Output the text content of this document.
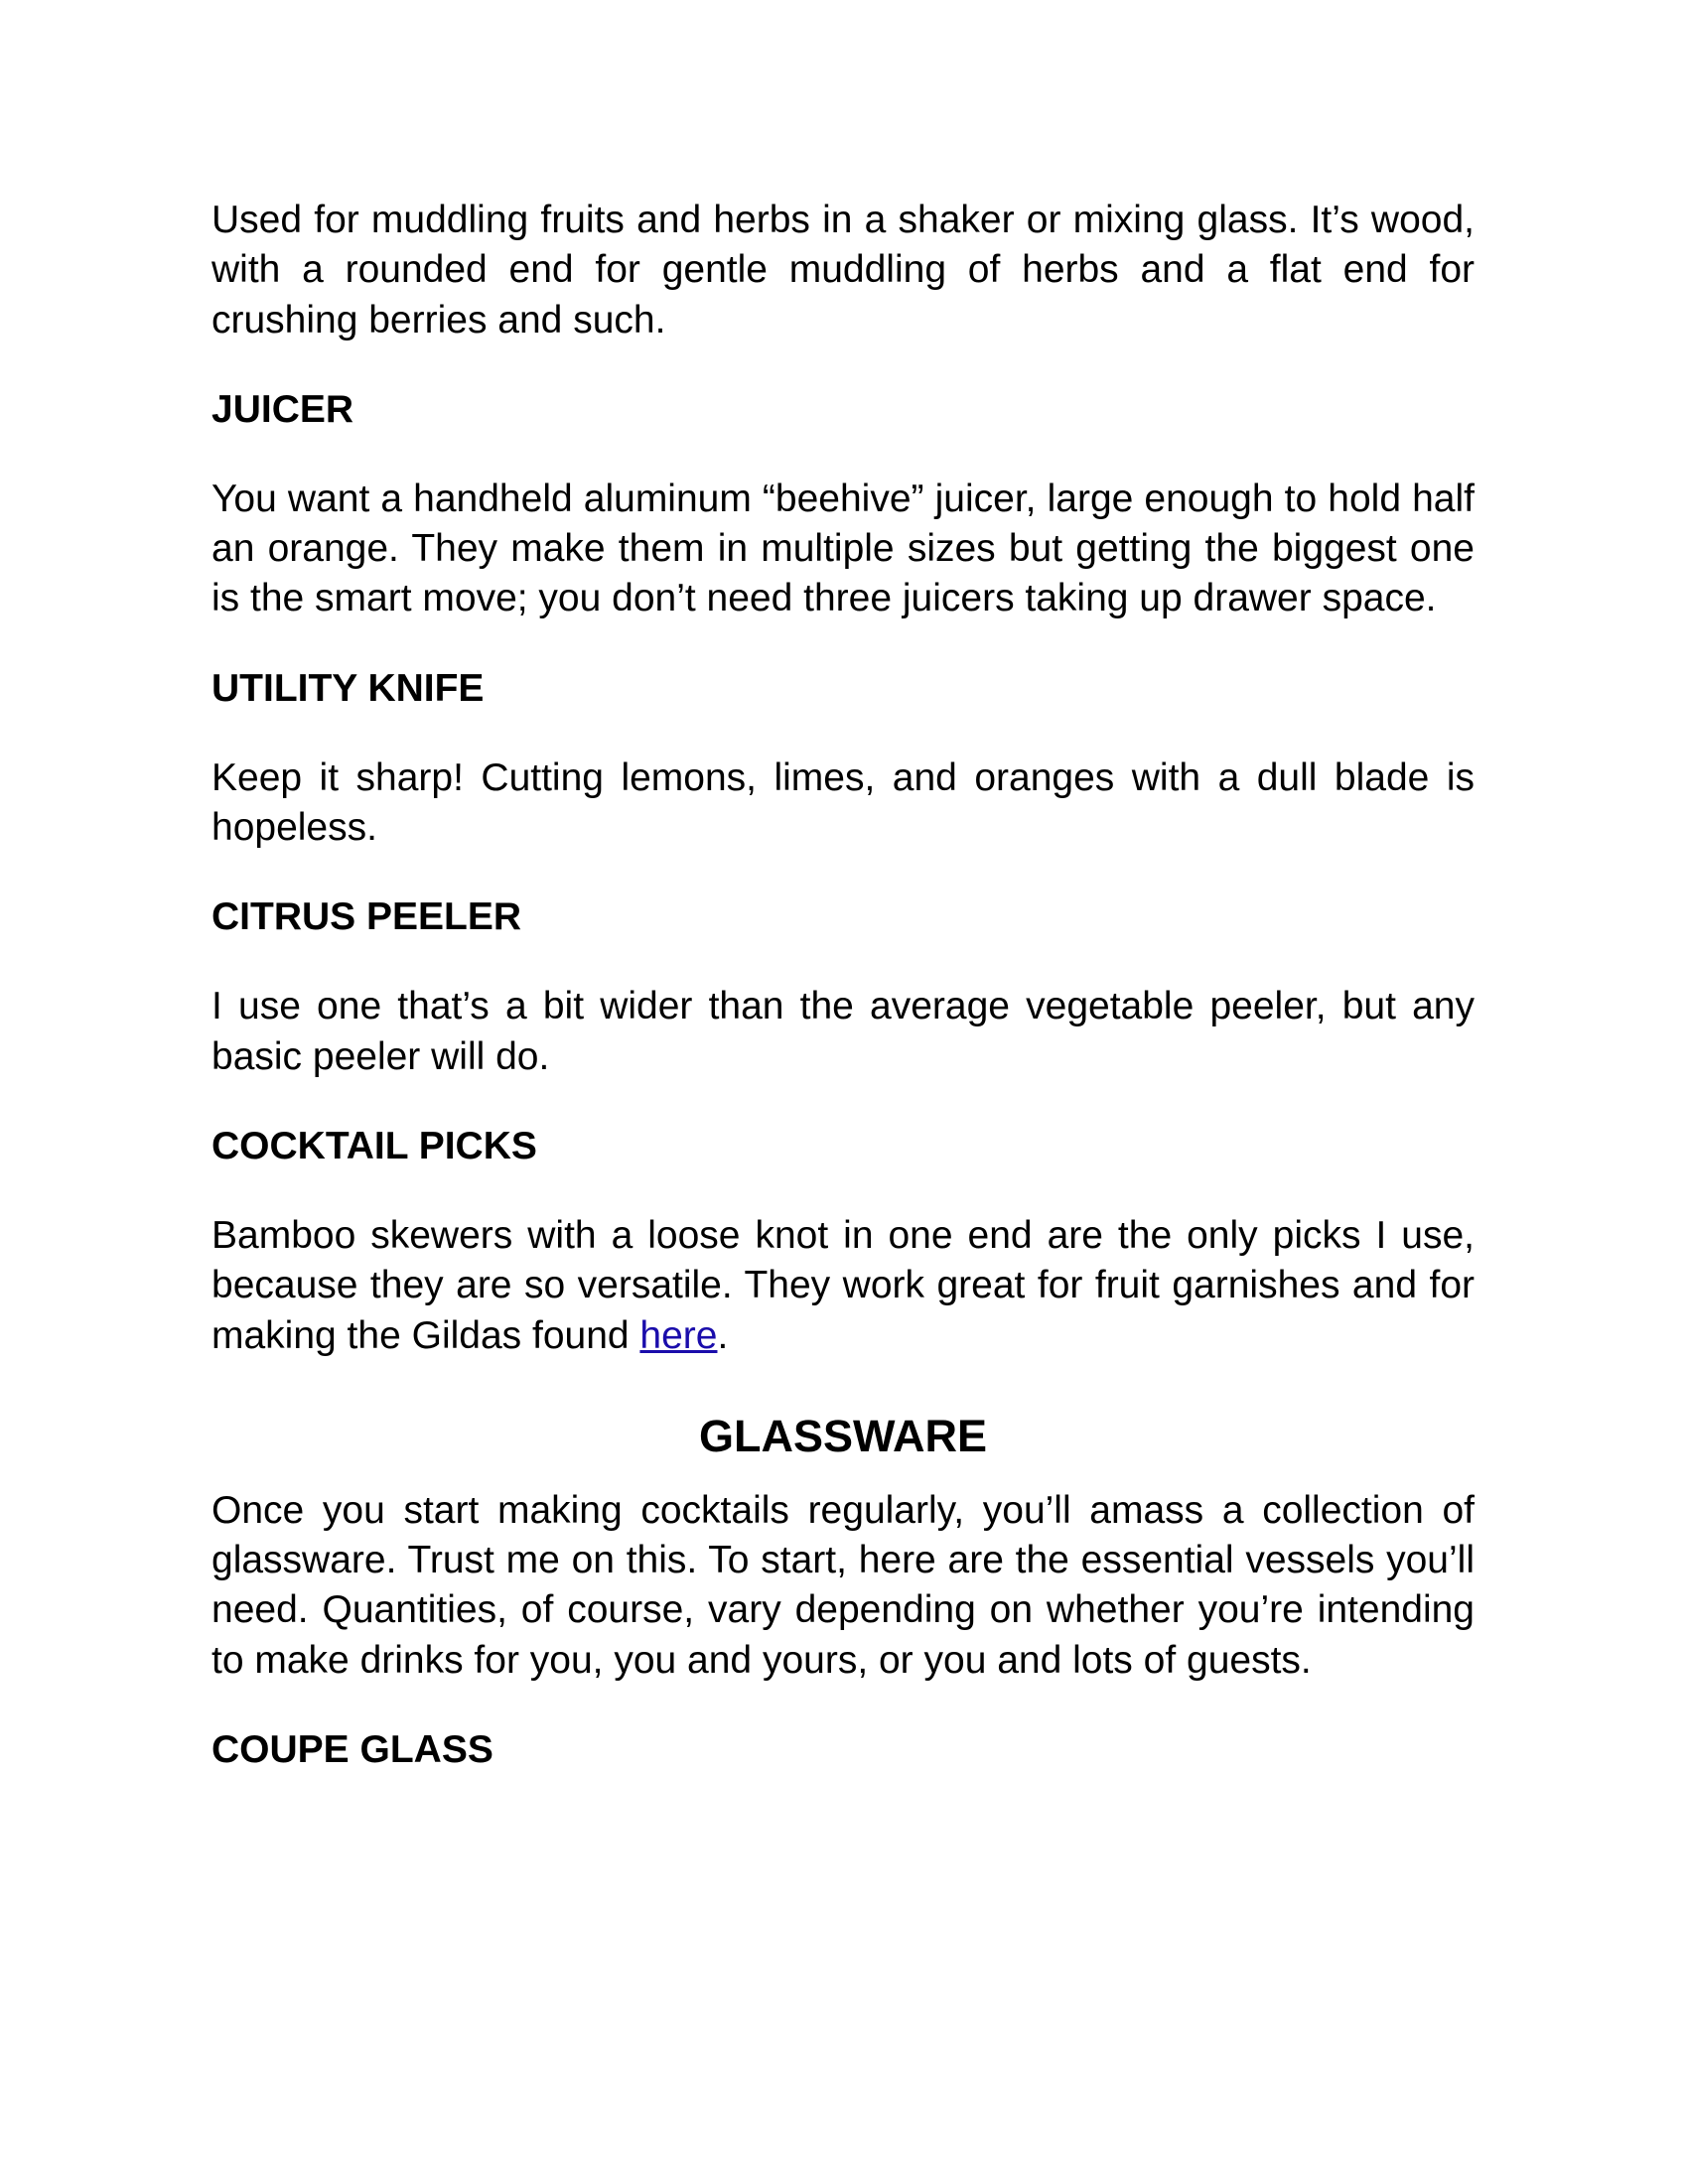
Used for muddling fruits and herbs in a shaker or mixing glass. It’s wood, with a rounded end for gentle muddling of herbs and a flat end for crushing berries and such.

JUICER

You want a handheld aluminum “beehive” juicer, large enough to hold half an orange. They make them in multiple sizes but getting the biggest one is the smart move; you don’t need three juicers taking up drawer space.

UTILITY KNIFE

Keep it sharp! Cutting lemons, limes, and oranges with a dull blade is hopeless.

CITRUS PEELER

I use one that’s a bit wider than the average vegetable peeler, but any basic peeler will do.

COCKTAIL PICKS

Bamboo skewers with a loose knot in one end are the only picks I use, because they are so versatile. They work great for fruit garnishes and for making the Gildas found here.

GLASSWARE

Once you start making cocktails regularly, you’ll amass a collection of glassware. Trust me on this. To start, here are the essential vessels you’ll need. Quantities, of course, vary depending on whether you’re intending to make drinks for you, you and yours, or you and lots of guests.

COUPE GLASS
